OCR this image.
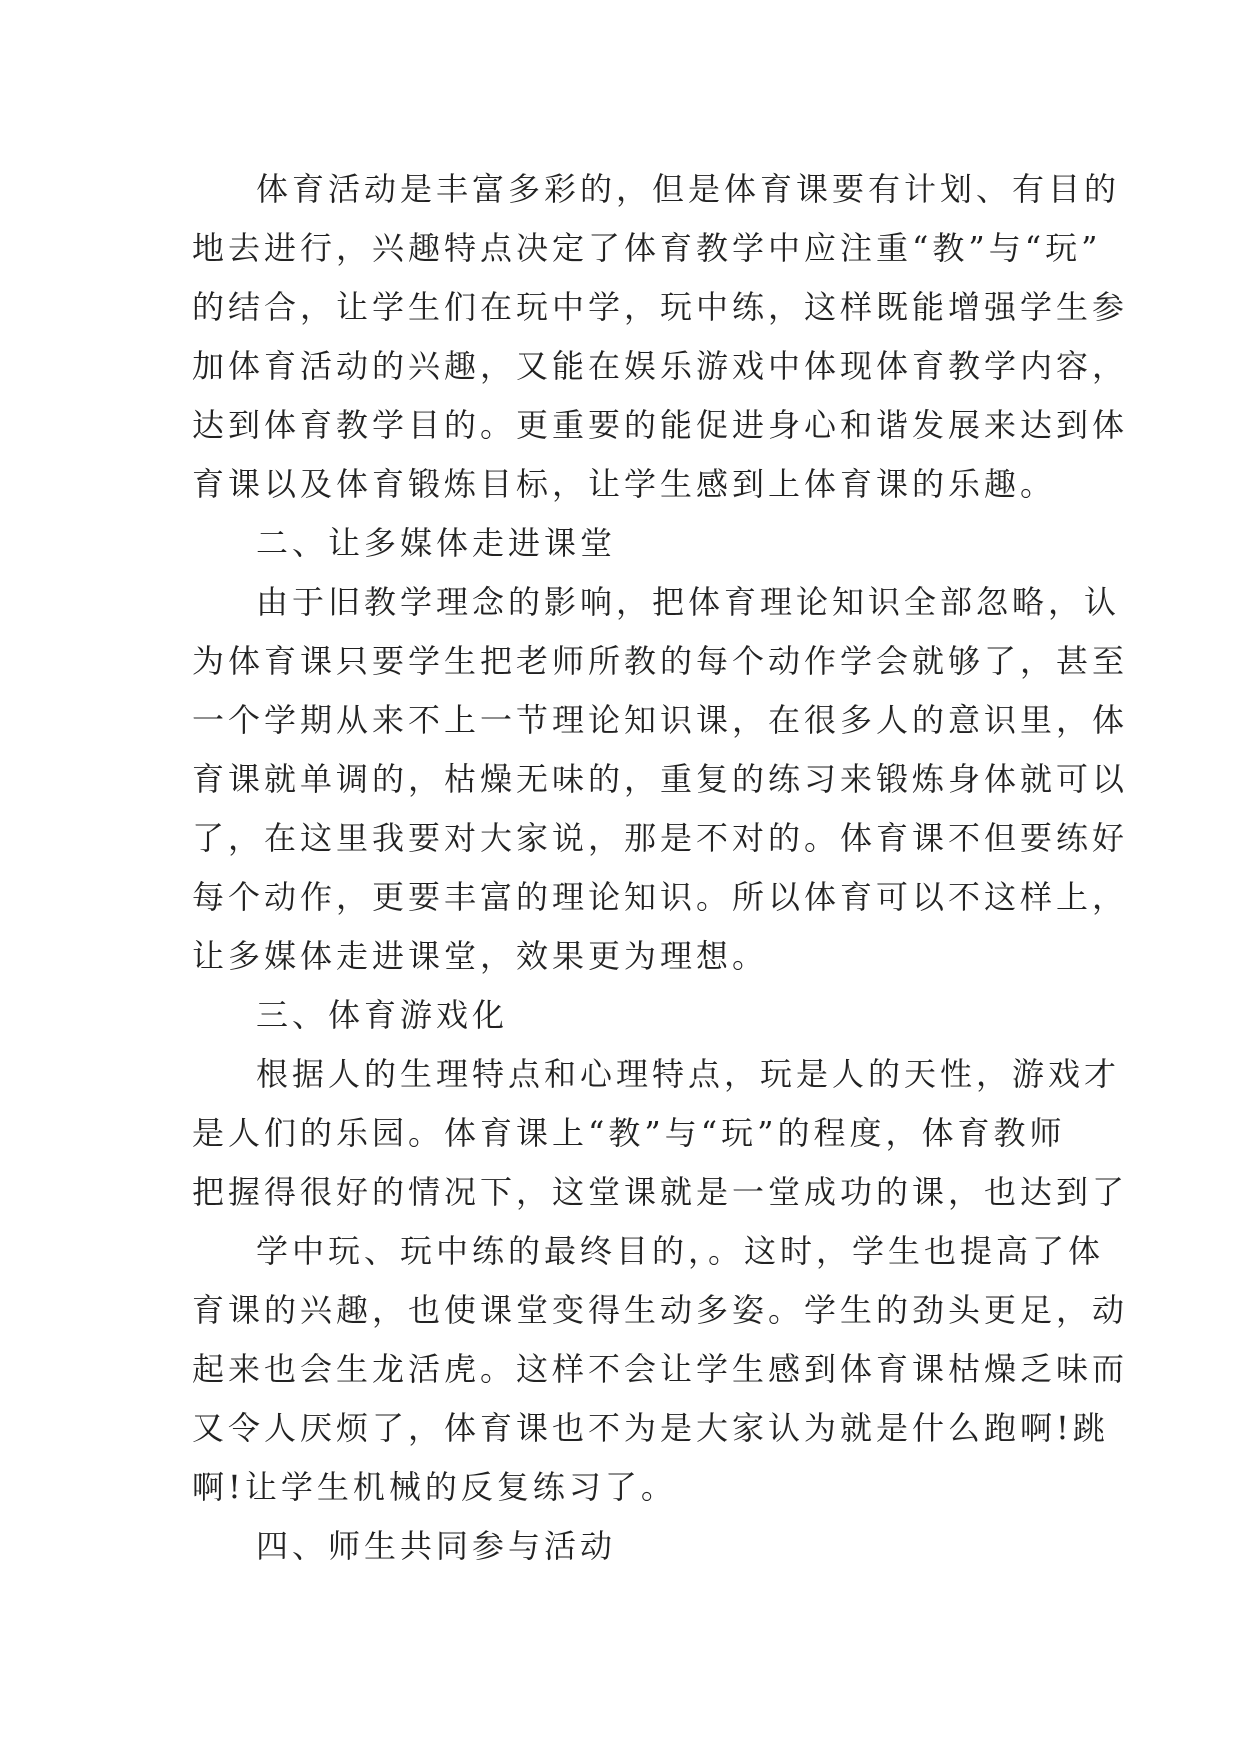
体育活动是丰富多彩的，但是体育课要有计划、有目的
地去进行，兴趣特点决定了体育教学中应注重“教”与“玩”
的结合，让学生们在玩中学，玩中练，这样既能增强学生参
加体育活动的兴趣，又能在娱乐游戏中体现体育教学内容，
达到体育教学目的。更重要的能促进身心和谐发展来达到体
育课以及体育锻炼目标，让学生感到上体育课的乐趣。
二、让多媒体走进课堂
由于旧教学理念的影响，把体育理论知识全部忽略，认
为体育课只要学生把老师所教的每个动作学会就够了，甚至
一个学期从来不上一节理论知识课，在很多人的意识里，体
育课就单调的，枯燥无味的，重复的练习来锻炼身体就可以
了，在这里我要对大家说，那是不对的。体育课不但要练好
每个动作，更要丰富的理论知识。所以体育可以不这样上，
让多媒体走进课堂，效果更为理想。
三、体育游戏化
根据人的生理特点和心理特点，玩是人的天性，游戏才
是人们的乐园。体育课上“教”与“玩”的程度，体育教师
把握得很好的情况下，这堂课就是一堂成功的课，也达到了
学中玩、玩中练的最终目的，。这时，学生也提高了体
育课的兴趣，也使课堂变得生动多姿。学生的劲头更足，动
起来也会生龙活虎。这样不会让学生感到体育课枯燥乏味而
又令人厌烦了，体育课也不为是大家认为就是什么跑啊!跳
啊!让学生机械的反复练习了。
四、师生共同参与活动
